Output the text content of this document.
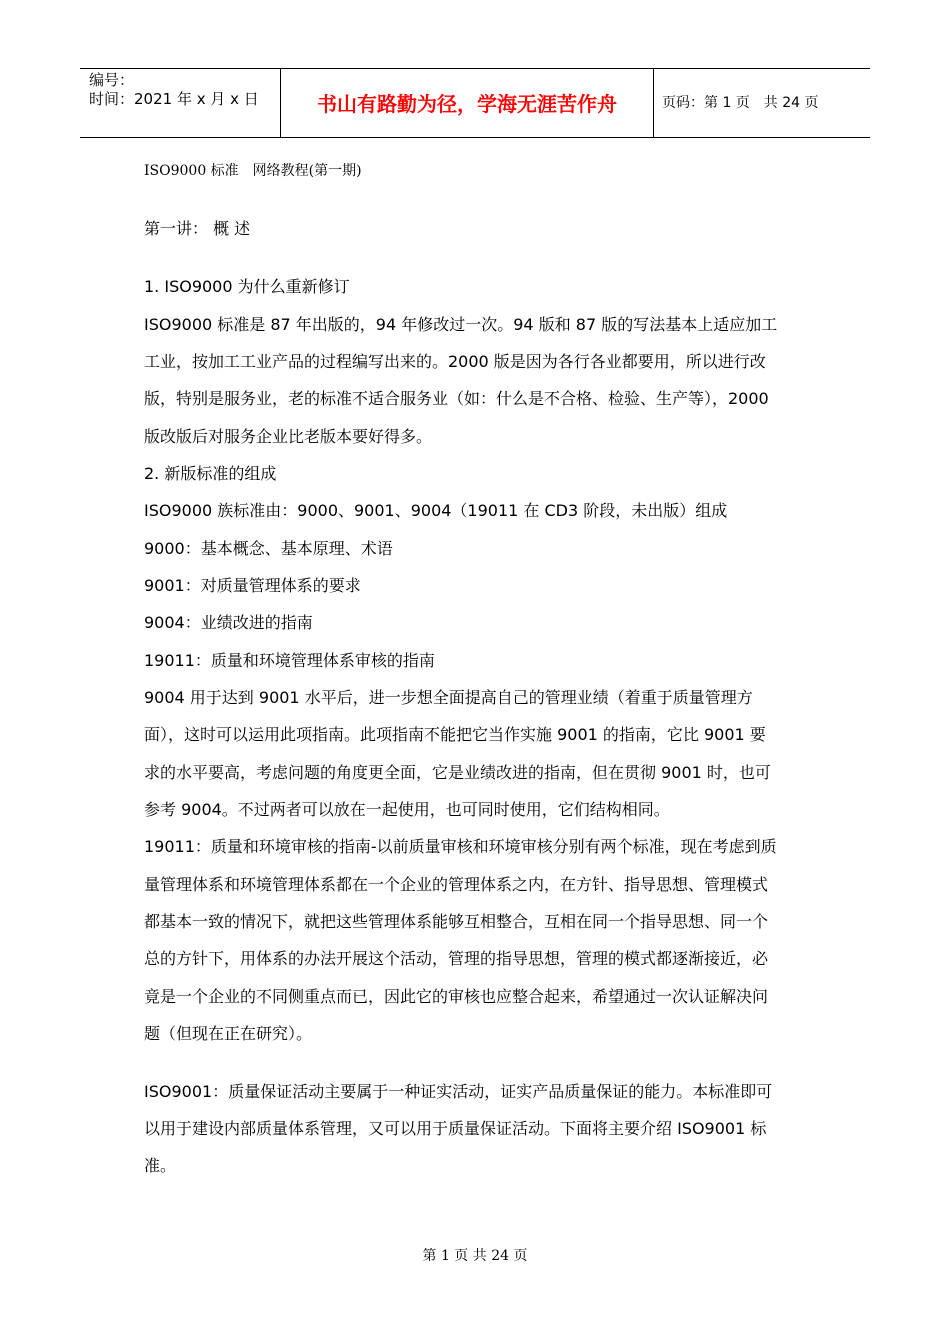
编号：
时间：2021 年 x 月 x 日	书山有路勤为径，学海无涯苦作舟	页码：第 1 页　共 24 页
ISO9000 标准　网络教程(第一期)
第一讲： 概 述
1. ISO9000 为什么重新修订
ISO9000 标准是 87 年出版的，94 年修改过一次。94 版和 87 版的写法基本上适应加工
工业，按加工工业产品的过程编写出来的。2000 版是因为各行各业都要用，所以进行改
版，特别是服务业，老的标准不适合服务业（如：什么是不合格、检验、生产等），2000
版改版后对服务企业比老版本要好得多。
2. 新版标准的组成
ISO9000 族标准由：9000、9001、9004（19011 在 CD3 阶段，未出版）组成
9000：基本概念、基本原理、术语
9001：对质量管理体系的要求
9004：业绩改进的指南
19011：质量和环境管理体系审核的指南
9004 用于达到 9001 水平后，进一步想全面提高自己的管理业绩（着重于质量管理方
面），这时可以运用此项指南。此项指南不能把它当作实施 9001 的指南，它比 9001 要
求的水平要高，考虑问题的角度更全面，它是业绩改进的指南，但在贯彻 9001 时，也可
参考 9004。不过两者可以放在一起使用，也可同时使用，它们结构相同。
19011：质量和环境审核的指南-以前质量审核和环境审核分别有两个标准，现在考虑到质
量管理体系和环境管理体系都在一个企业的管理体系之内，在方针、指导思想、管理模式
都基本一致的情况下，就把这些管理体系能够互相整合，互相在同一个指导思想、同一个
总的方针下，用体系的办法开展这个活动，管理的指导思想，管理的模式都逐渐接近，必
竟是一个企业的不同侧重点而已，因此它的审核也应整合起来，希望通过一次认证解决问
题（但现在正在研究）。
ISO9001：质量保证活动主要属于一种证实活动，证实产品质量保证的能力。本标准即可
以用于建设内部质量体系管理，又可以用于质量保证活动。下面将主要介绍 ISO9001 标
准。
第 1 页 共 24 页
